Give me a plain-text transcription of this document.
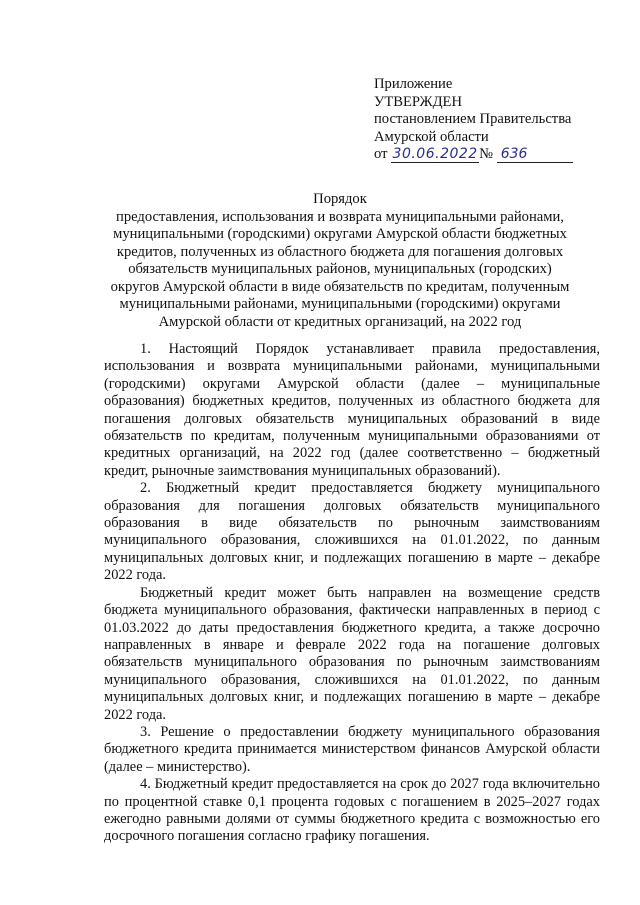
Приложение
УТВЕРЖДЕН
постановлением Правительства
Амурской области
от 30.06.2022№ 636
Порядок
предоставления, использования и возврата муниципальными районами, муниципальными (городскими) округами Амурской области бюджетных кредитов, полученных из областного бюджета для погашения долговых обязательств муниципальных районов, муниципальных (городских) округов Амурской области в виде обязательств по кредитам, полученным муниципальными районами, муниципальными (городскими) округами Амурской области от кредитных организаций, на 2022 год

1. Настоящий Порядок устанавливает правила предоставления, использования и возврата муниципальными районами, муниципальными (городскими) округами Амурской области (далее – муниципальные образования) бюджетных кредитов, полученных из областного бюджета для погашения долговых обязательств муниципальных образований в виде обязательств по кредитам, полученным муниципальными образованиями от кредитных организаций, на 2022 год (далее соответственно – бюджетный кредит, рыночные заимствования муниципальных образований).

2. Бюджетный кредит предоставляется бюджету муниципального образования для погашения долговых обязательств муниципального образования в виде обязательств по рыночным заимствованиям муниципального образования, сложившихся на 01.01.2022, по данным муниципальных долговых книг, и подлежащих погашению в марте – декабре 2022 года.

Бюджетный кредит может быть направлен на возмещение средств бюджета муниципального образования, фактически направленных в период с 01.03.2022 до даты предоставления бюджетного кредита, а также досрочно направленных в январе и феврале 2022 года на погашение долговых обязательств муниципального образования по рыночным заимствованиям муниципального образования, сложившихся на 01.01.2022, по данным муниципальных долговых книг, и подлежащих погашению в марте – декабре 2022 года.

3. Решение о предоставлении бюджету муниципального образования бюджетного кредита принимается министерством финансов Амурской области (далее – министерство).

4. Бюджетный кредит предоставляется на срок до 2027 года включительно по процентной ставке 0,1 процента годовых с погашением в 2025–2027 годах ежегодно равными долями от суммы бюджетного кредита с возможностью его досрочного погашения согласно графику погашения.
